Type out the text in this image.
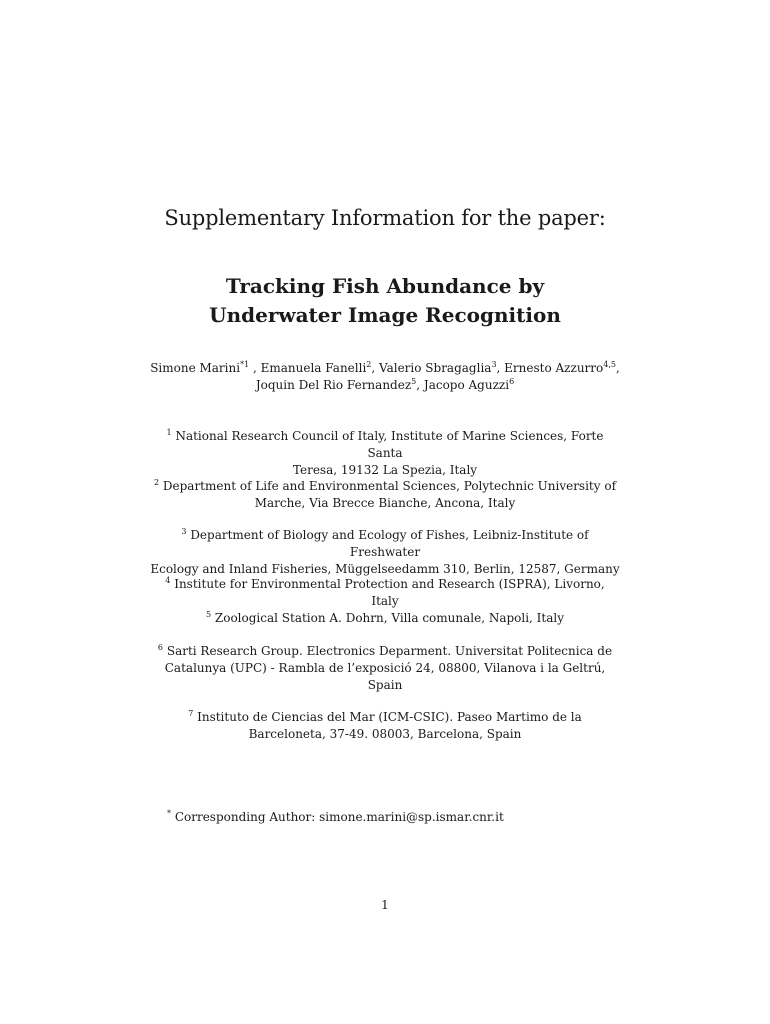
Supplementary Information for the paper:
Tracking Fish Abundance by
Underwater Image Recognition
Simone Marini$^{*1}$ , Emanuela Fanelli$^2$, Valerio Sbragaglia$^3$, Ernesto Azzurro$^{4,5}$,
Joquin Del Rio Fernandez$^5$, Jacopo Aguzzi$^6$
$^1$ National Research Council of Italy, Institute of Marine Sciences, Forte Santa
Teresa, 19132 La Spezia, Italy
$^2$ Department of Life and Environmental Sciences, Polytechnic University of
Marche, Via Brecce Bianche, Ancona, Italy
$^3$ Department of Biology and Ecology of Fishes, Leibniz-Institute of Freshwater
Ecology and Inland Fisheries, Müggelseedamm 310, Berlin, 12587, Germany
$^4$ Institute for Environmental Protection and Research (ISPRA), Livorno, Italy
$^5$ Zoological Station A. Dohrn, Villa comunale, Napoli, Italy
$^6$ Sarti Research Group. Electronics Deparment. Universitat Politecnica de
Catalunya (UPC) - Rambla de l’exposició 24, 08800, Vilanova i la Geltrú,
Spain
$^7$ Instituto de Ciencias del Mar (ICM-CSIC). Paseo Martimo de la
Barceloneta, 37-49. 08003, Barcelona, Spain
* Corresponding Author: simone.marini@sp.ismar.cnr.it
1
